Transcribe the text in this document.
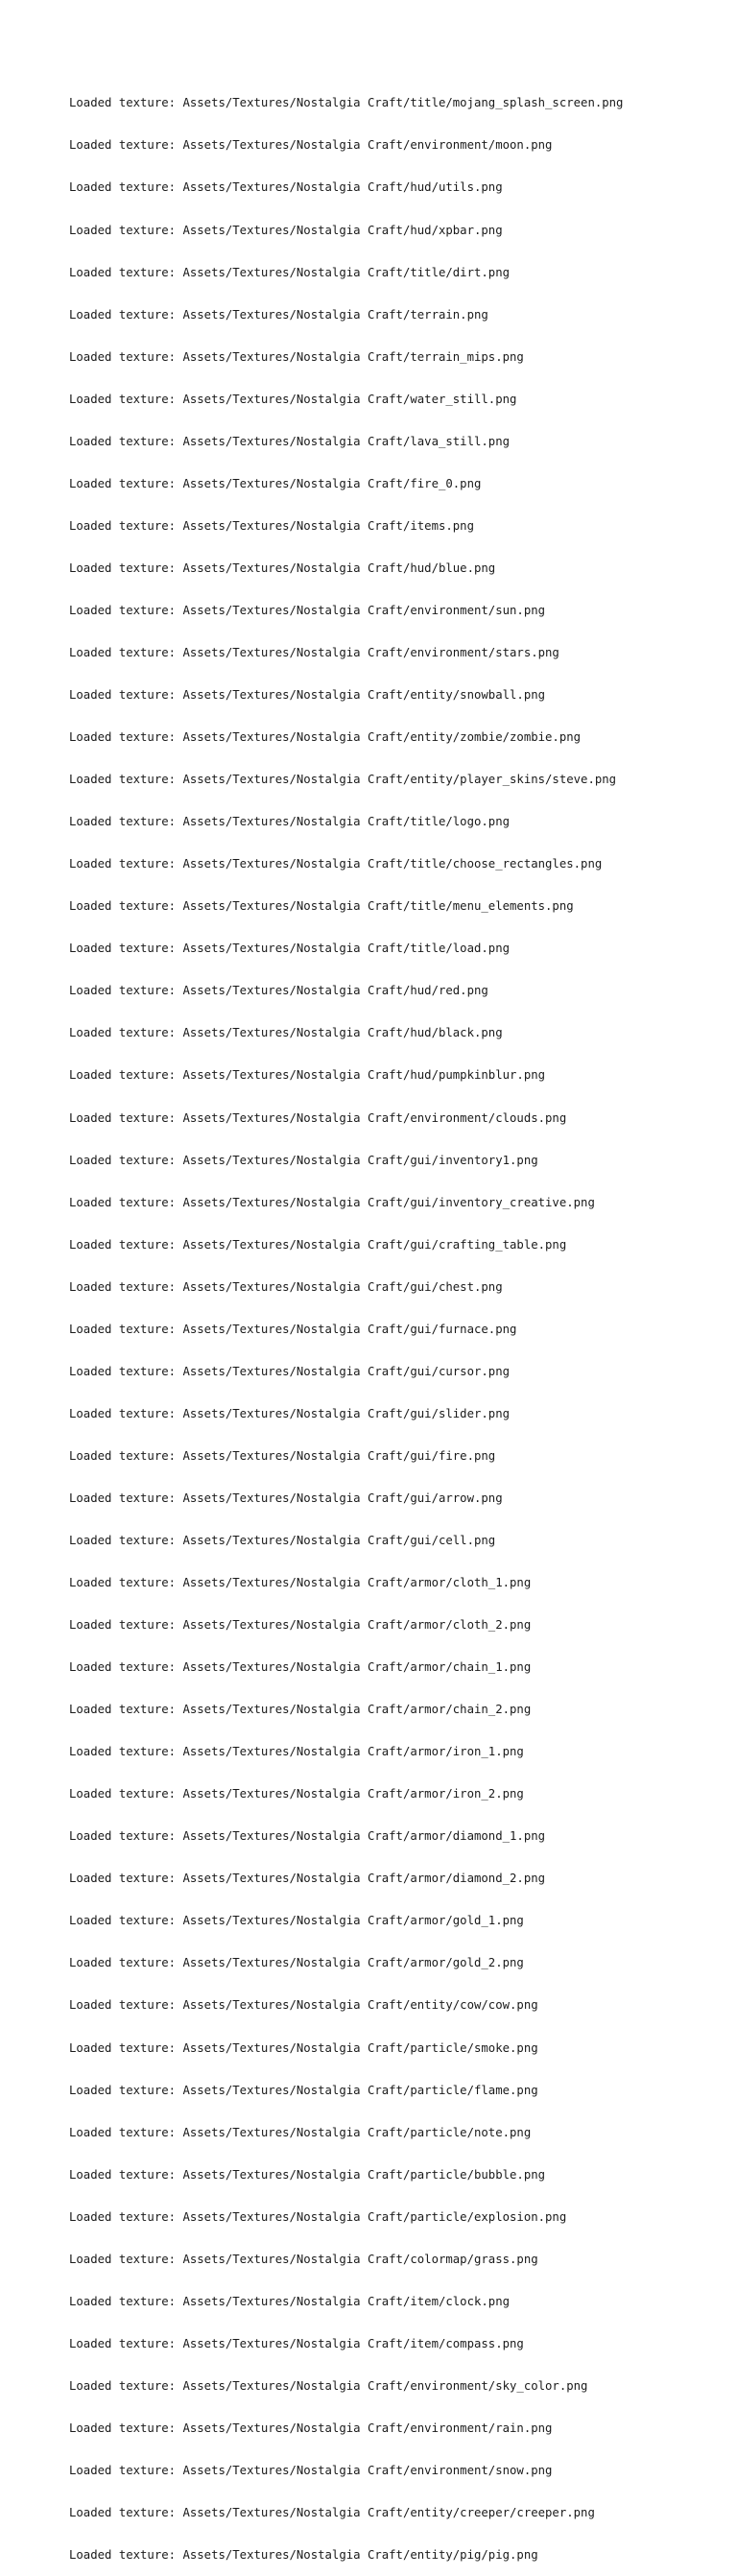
Loaded texture: Assets/Textures/Nostalgia Craft/title/mojang_splash_screen.png

Loaded texture: Assets/Textures/Nostalgia Craft/environment/moon.png

Loaded texture: Assets/Textures/Nostalgia Craft/hud/utils.png

Loaded texture: Assets/Textures/Nostalgia Craft/hud/xpbar.png

Loaded texture: Assets/Textures/Nostalgia Craft/title/dirt.png

Loaded texture: Assets/Textures/Nostalgia Craft/terrain.png

Loaded texture: Assets/Textures/Nostalgia Craft/terrain_mips.png

Loaded texture: Assets/Textures/Nostalgia Craft/water_still.png

Loaded texture: Assets/Textures/Nostalgia Craft/lava_still.png

Loaded texture: Assets/Textures/Nostalgia Craft/fire_0.png

Loaded texture: Assets/Textures/Nostalgia Craft/items.png

Loaded texture: Assets/Textures/Nostalgia Craft/hud/blue.png

Loaded texture: Assets/Textures/Nostalgia Craft/environment/sun.png

Loaded texture: Assets/Textures/Nostalgia Craft/environment/stars.png

Loaded texture: Assets/Textures/Nostalgia Craft/entity/snowball.png

Loaded texture: Assets/Textures/Nostalgia Craft/entity/zombie/zombie.png

Loaded texture: Assets/Textures/Nostalgia Craft/entity/player_skins/steve.png

Loaded texture: Assets/Textures/Nostalgia Craft/title/logo.png

Loaded texture: Assets/Textures/Nostalgia Craft/title/choose_rectangles.png

Loaded texture: Assets/Textures/Nostalgia Craft/title/menu_elements.png

Loaded texture: Assets/Textures/Nostalgia Craft/title/load.png

Loaded texture: Assets/Textures/Nostalgia Craft/hud/red.png

Loaded texture: Assets/Textures/Nostalgia Craft/hud/black.png

Loaded texture: Assets/Textures/Nostalgia Craft/hud/pumpkinblur.png

Loaded texture: Assets/Textures/Nostalgia Craft/environment/clouds.png

Loaded texture: Assets/Textures/Nostalgia Craft/gui/inventory1.png

Loaded texture: Assets/Textures/Nostalgia Craft/gui/inventory_creative.png

Loaded texture: Assets/Textures/Nostalgia Craft/gui/crafting_table.png

Loaded texture: Assets/Textures/Nostalgia Craft/gui/chest.png

Loaded texture: Assets/Textures/Nostalgia Craft/gui/furnace.png

Loaded texture: Assets/Textures/Nostalgia Craft/gui/cursor.png

Loaded texture: Assets/Textures/Nostalgia Craft/gui/slider.png

Loaded texture: Assets/Textures/Nostalgia Craft/gui/fire.png

Loaded texture: Assets/Textures/Nostalgia Craft/gui/arrow.png

Loaded texture: Assets/Textures/Nostalgia Craft/gui/cell.png

Loaded texture: Assets/Textures/Nostalgia Craft/armor/cloth_1.png

Loaded texture: Assets/Textures/Nostalgia Craft/armor/cloth_2.png

Loaded texture: Assets/Textures/Nostalgia Craft/armor/chain_1.png

Loaded texture: Assets/Textures/Nostalgia Craft/armor/chain_2.png

Loaded texture: Assets/Textures/Nostalgia Craft/armor/iron_1.png

Loaded texture: Assets/Textures/Nostalgia Craft/armor/iron_2.png

Loaded texture: Assets/Textures/Nostalgia Craft/armor/diamond_1.png

Loaded texture: Assets/Textures/Nostalgia Craft/armor/diamond_2.png

Loaded texture: Assets/Textures/Nostalgia Craft/armor/gold_1.png

Loaded texture: Assets/Textures/Nostalgia Craft/armor/gold_2.png

Loaded texture: Assets/Textures/Nostalgia Craft/entity/cow/cow.png

Loaded texture: Assets/Textures/Nostalgia Craft/particle/smoke.png

Loaded texture: Assets/Textures/Nostalgia Craft/particle/flame.png

Loaded texture: Assets/Textures/Nostalgia Craft/particle/note.png

Loaded texture: Assets/Textures/Nostalgia Craft/particle/bubble.png

Loaded texture: Assets/Textures/Nostalgia Craft/particle/explosion.png

Loaded texture: Assets/Textures/Nostalgia Craft/colormap/grass.png

Loaded texture: Assets/Textures/Nostalgia Craft/item/clock.png

Loaded texture: Assets/Textures/Nostalgia Craft/item/compass.png

Loaded texture: Assets/Textures/Nostalgia Craft/environment/sky_color.png

Loaded texture: Assets/Textures/Nostalgia Craft/environment/rain.png

Loaded texture: Assets/Textures/Nostalgia Craft/environment/snow.png

Loaded texture: Assets/Textures/Nostalgia Craft/entity/creeper/creeper.png

Loaded texture: Assets/Textures/Nostalgia Craft/entity/pig/pig.png
